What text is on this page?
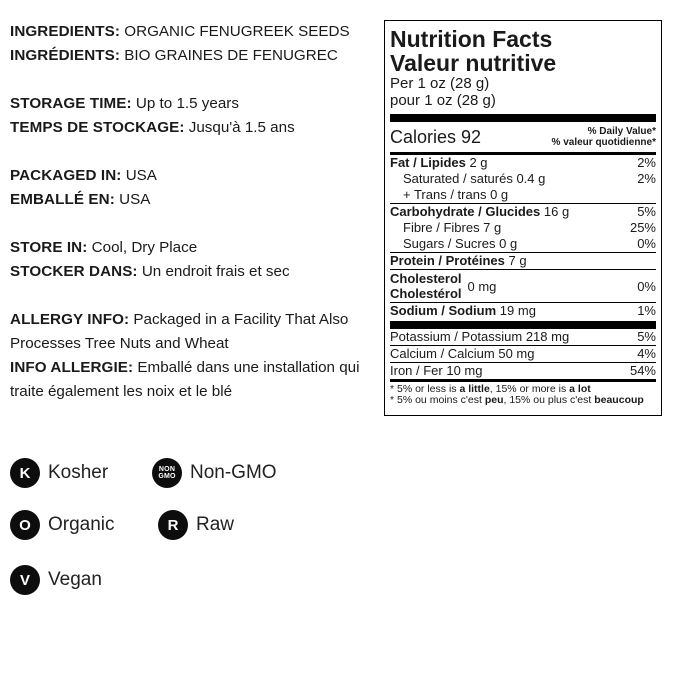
INGREDIENTS: ORGANIC FENUGREEK SEEDS

INGRÉDIENTS: BIO GRAINES DE FENUGREC

STORAGE TIME: Up to 1.5 years

TEMPS DE STOCKAGE: Jusqu'à 1.5 ans

PACKAGED IN: USA

EMBALLÉ EN: USA

STORE IN: Cool, Dry Place

STOCKER DANS: Un endroit frais et sec

ALLERGY INFO: Packaged in a Facility That Also Processes Tree Nuts and Wheat

INFO ALLERGIE: Emballé dans une installation qui traite également les noix et le blé

K Kosher	NON
GMO Non-GMO
O Organic	R Raw
V Vegan
Nutrition Facts
Valeur nutritive
Per 1 oz (28 g)
pour 1 oz (28 g)
Calories 92	% Daily Value*
% valeur quotidienne*
Fat / Lipides 2 g	2%
Saturated / saturés 0.4 g	2%
+ Trans / trans 0 g
Carbohydrate / Glucides 16 g	5%
Fibre / Fibres 7 g	25%
Sugars / Sucres 0 g	0%
Protein / Protéines 7 g
Cholesterol
Cholestérol 0 mg	0%
Sodium / Sodium 19 mg	1%
Potassium / Potassium 218 mg	5%
Calcium / Calcium 50 mg	4%
Iron / Fer 10 mg	54%
* 5% or less is a little, 15% or more is a lot
* 5% ou moins c'est peu, 15% ou plus c'est beaucoup
